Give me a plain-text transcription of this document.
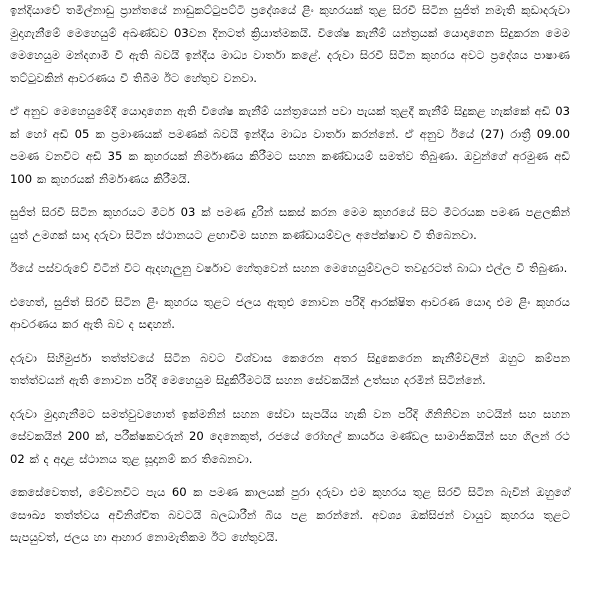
ඉන්දියාවේ තමිල්නාඩු ප්‍රාන්තයේ නාඩුකට්ටුපට්ටි ප්‍රදේශයේ ළිං කුහරයක් තුළ සිරවී සිටින සුජිත් නමැති කුඩාදරුවා මුදාගැනීමේ මෙහෙයුම් අඛණ්ඩව 03වන දිනටත් ක්‍රියාත්මකයි. විශේෂ කැනීම් යන්ත්‍රයක් යොදාගෙන සිදුකරන මෙම මෙහෙයුම මන්දගාමී වී ඇති බවයි ඉන්දීය මාධ්‍ය වාර්තා කළේ. දරුවා සිරවී සිටින කුහරය අවට ප්‍රදේශය පාෂාණ තට්ටුවකින් ආවරණය වී තිබීම ඊට හේතුව වනවා.

ඒ අනුව මෙහෙයුමේදී යොදාගෙන ඇති විශේෂ කැනීම් යන්ත්‍රයෙන් පවා පැයක් තුළදී කැනීම් සිදුකළ හැක්කේ අඩි 03 ක් හෝ අඩි 05 ක ප්‍රමාණයක් පමණක් බවයි ඉන්දීය මාධ්‍ය වාර්තා කරන්නේ. ඒ අනුව ඊයේ (27) රාත්‍රී 09.00 පමණ වනවිට අඩි 35 ක කුහරයක් නිර්මාණය කිරීමට සහන කණ්ඩායම් සමත්ව තිබුණා. ඔවුන්ගේ අරමුණ අඩි 100 ක කුහරයක් නිර්මාණය කිරීමයි.

සුජිත් සිරවී සිටින කුහරයට මීටර් 03 ක් පමණ දුරින් සකස් කරන මෙම කුහරයේ සිට මීටරයක පමණ පළලකින් යුත් උමගක් සාදා දරුවා සිටින ස්ථානයට ළඟාවීම සහන කණ්ඩායම්වල අපේක්ෂාව වී තිබෙනවා.

ඊයේ පස්වරුවේ විටින් විට ඇදහැලුනු වර්ෂාව හේතුවෙන් සහන මෙහෙයුම්වලට තවදුරටත් බාධා එල්ල වී තිබුණා.

එහෙත්, සුජිත් සිරවී සිටින ළිං කුහරය තුළට ජලය ඇතුළු නොවන පරිදි ආරක්ෂිත ආවරණ යොදා එම ළිං කුහරය ආවරණය කර ඇති බව ද සඳහන්.

දරුවා සිහිමුර්ජා තත්ත්වයේ සිටින බවට විශ්වාස කෙරෙන අතර සිදුකෙරෙන කැනීම්වලින් ඔහුට කම්පන තත්ත්වයන් ඇති නොවන පරිදි මෙහෙයුම සිදුකිරීමටයි සහන සේවකයින් උත්සහ දරමින් සිටින්නේ.

දරුවා මුදාගැනීමට සමත්වුවහොත් ඉක්මනින් සහන සේවා සැපයිය හැකි වන පරිදි ගිනිනිවන හටයින් සහ සහන සේවකයින් 200 ක්, පරීක්ෂකවරුන් 20 දෙනෙකුත්, රජයේ රෝහල් කාර්යය මණ්ඩල සාමාජිකයින් සහ ගිලන් රථ 02 ක් ද අදාළ ස්ථානය තුළ සූදානම් කර තිබෙනවා.

කෙසේවෙතත්, මේවනවිට පැය 60 ක පමණ කාලයක් පුරා දරුවා එම කුහරය තුළ සිරවී සිටින බැවින් ඔහුගේ සෞඛ්‍ය තත්ත්වය අවිනිශ්චිත බවටයි බලධාරීන් බිය පළ කරන්නේ. අවශ්‍ය ඔක්සිජන් වායුව කුහරය තුළට සැපයුවත්, ජලය හා ආහාර නොමැතිකම ඊට හේතුවයි.
